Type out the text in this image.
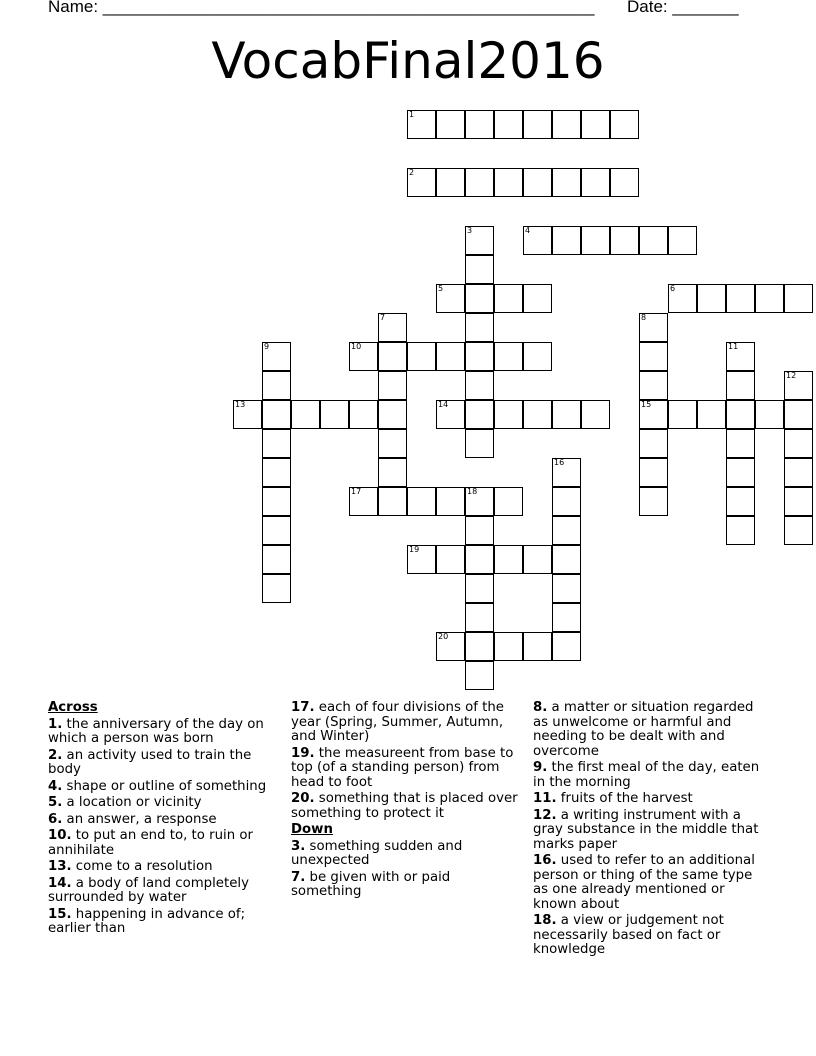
Name: ____________________________________________________ Date: _______
VocabFinal2016
1
2
3	4
5	6
7	8
15
9	10	11
12
13	14
16
17	18
19
20
Across
1. the anniversary of the day on which a person was born
2. an activity used to train the body
4. shape or outline of something
5. a location or vicinity
6. an answer, a response
10. to put an end to, to ruin or annihilate
13. come to a resolution
14. a body of land completely surrounded by water
15. happening in advance of; earlier than
17. each of four divisions of the year (Spring, Summer, Autumn, and Winter)
19. the measureent from base to top (of a standing person) from head to foot
20. something that is placed over something to protect it
Down
3. something sudden and unexpected
7. be given with or paid something
8. a matter or situation regarded as unwelcome or harmful and needing to be dealt with and overcome
9. the first meal of the day, eaten in the morning
11. fruits of the harvest
12. a writing instrument with a gray substance in the middle that marks paper
16. used to refer to an additional person or thing of the same type as one already mentioned or known about
18. a view or judgement not necessarily based on fact or knowledge
